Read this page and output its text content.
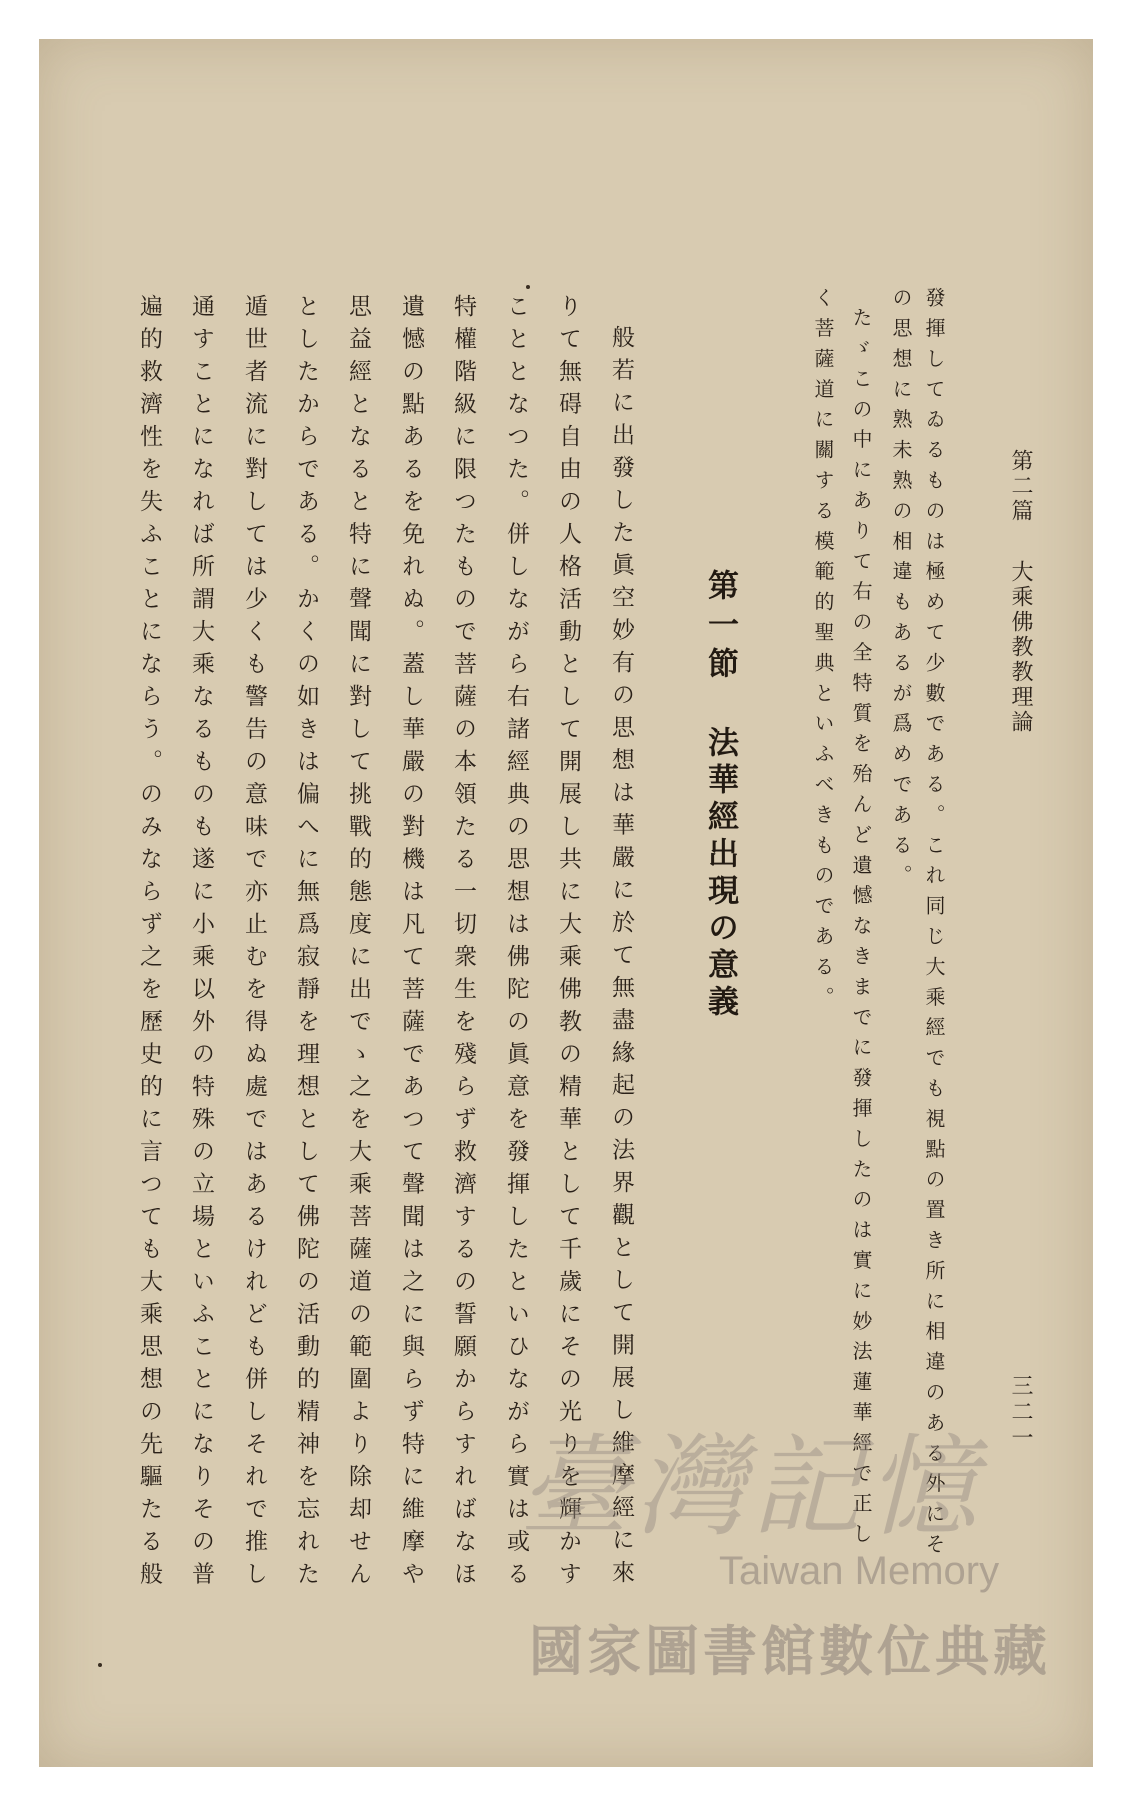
第二篇大乘佛教教理論
三二一
發揮してゐるものは極めて少數である。これ同じ大乘經でも視點の置き所に相違のある外にそ
の思想に熟未熟の相違もあるが爲めである。
たゞこの中にありて右の全特質を殆んど遺憾なきまでに發揮したのは實に妙法蓮華經で正し
く菩薩道に關する模範的聖典といふべきものである。
第一節法華經出現の意義
般若に出發した眞空妙有の思想は華嚴に於て無盡緣起の法界觀として開展し維摩經に來
りて無碍自由の人格活動として開展し共に大乘佛教の精華として千歲にその光りを輝かす
こととなつた。併しながら右諸經典の思想は佛陀の眞意を發揮したといひながら實は或る
特權階級に限つたもので菩薩の本領たる一切衆生を殘らず救濟するの誓願からすればなほ
遺憾の點あるを免れぬ。蓋し華嚴の對機は凡て菩薩であつて聲聞は之に與らず特に維摩や
思益經となると特に聲聞に對して挑戰的態度に出でゝ之を大乘菩薩道の範圍より除却せん
としたからである。かくの如きは偏へに無爲寂靜を理想として佛陀の活動的精神を忘れた
遁世者流に對しては少くも警告の意味で亦止むを得ぬ處ではあるけれども併しそれで推し
通すことになれば所謂大乘なるものも遂に小乘以外の特殊の立場といふことになりその普
遍的救濟性を失ふことにならう。のみならず之を歷史的に言つても大乘思想の先驅たる般	臺灣記憶
Taiwan Memory
國家圖書館數位典藏
